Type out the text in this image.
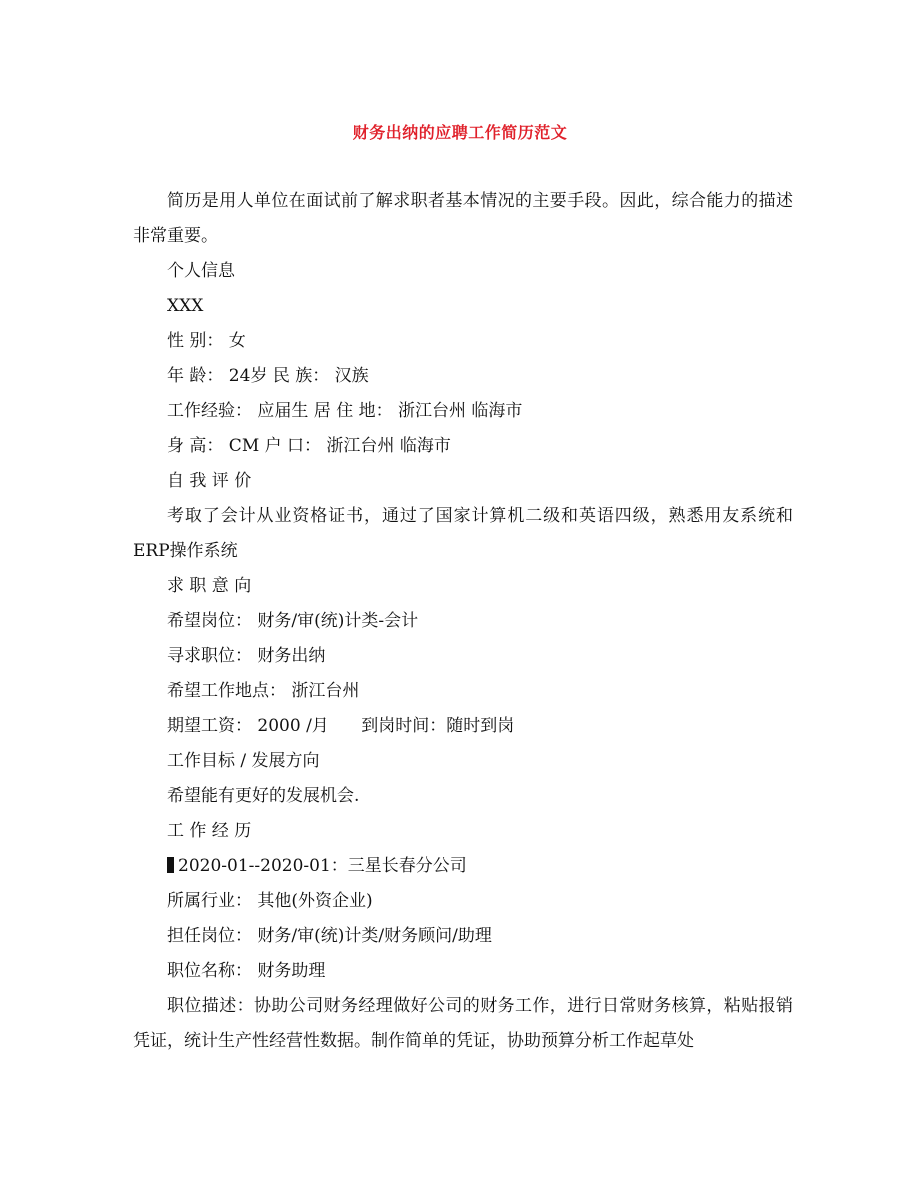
财务出纳的应聘工作简历范文

简历是用人单位在面试前了解求职者基本情况的主要手段。因此，综合能力的描述非常重要。

个人信息

XXX

性 别： 女

年 龄： 24岁 民 族： 汉族

工作经验： 应届生 居 住 地： 浙江台州 临海市

身 高： CM 户 口： 浙江台州 临海市

自 我 评 价

考取了会计从业资格证书，通过了国家计算机二级和英语四级，熟悉用友系统和ERP操作系统

求 职 意 向

希望岗位： 财务/审(统)计类-会计

寻求职位： 财务出纳

希望工作地点： 浙江台州

期望工资： 2000 /月      到岗时间：随时到岗

工作目标 / 发展方向

希望能有更好的发展机会.

工 作 经 历

2020-01--2020-01：三星长春分公司

所属行业： 其他(外资企业)

担任岗位： 财务/审(统)计类/财务顾问/助理

职位名称： 财务助理

职位描述：协助公司财务经理做好公司的财务工作，进行日常财务核算，粘贴报销凭证，统计生产性经营性数据。制作简单的凭证，协助预算分析工作起草处
